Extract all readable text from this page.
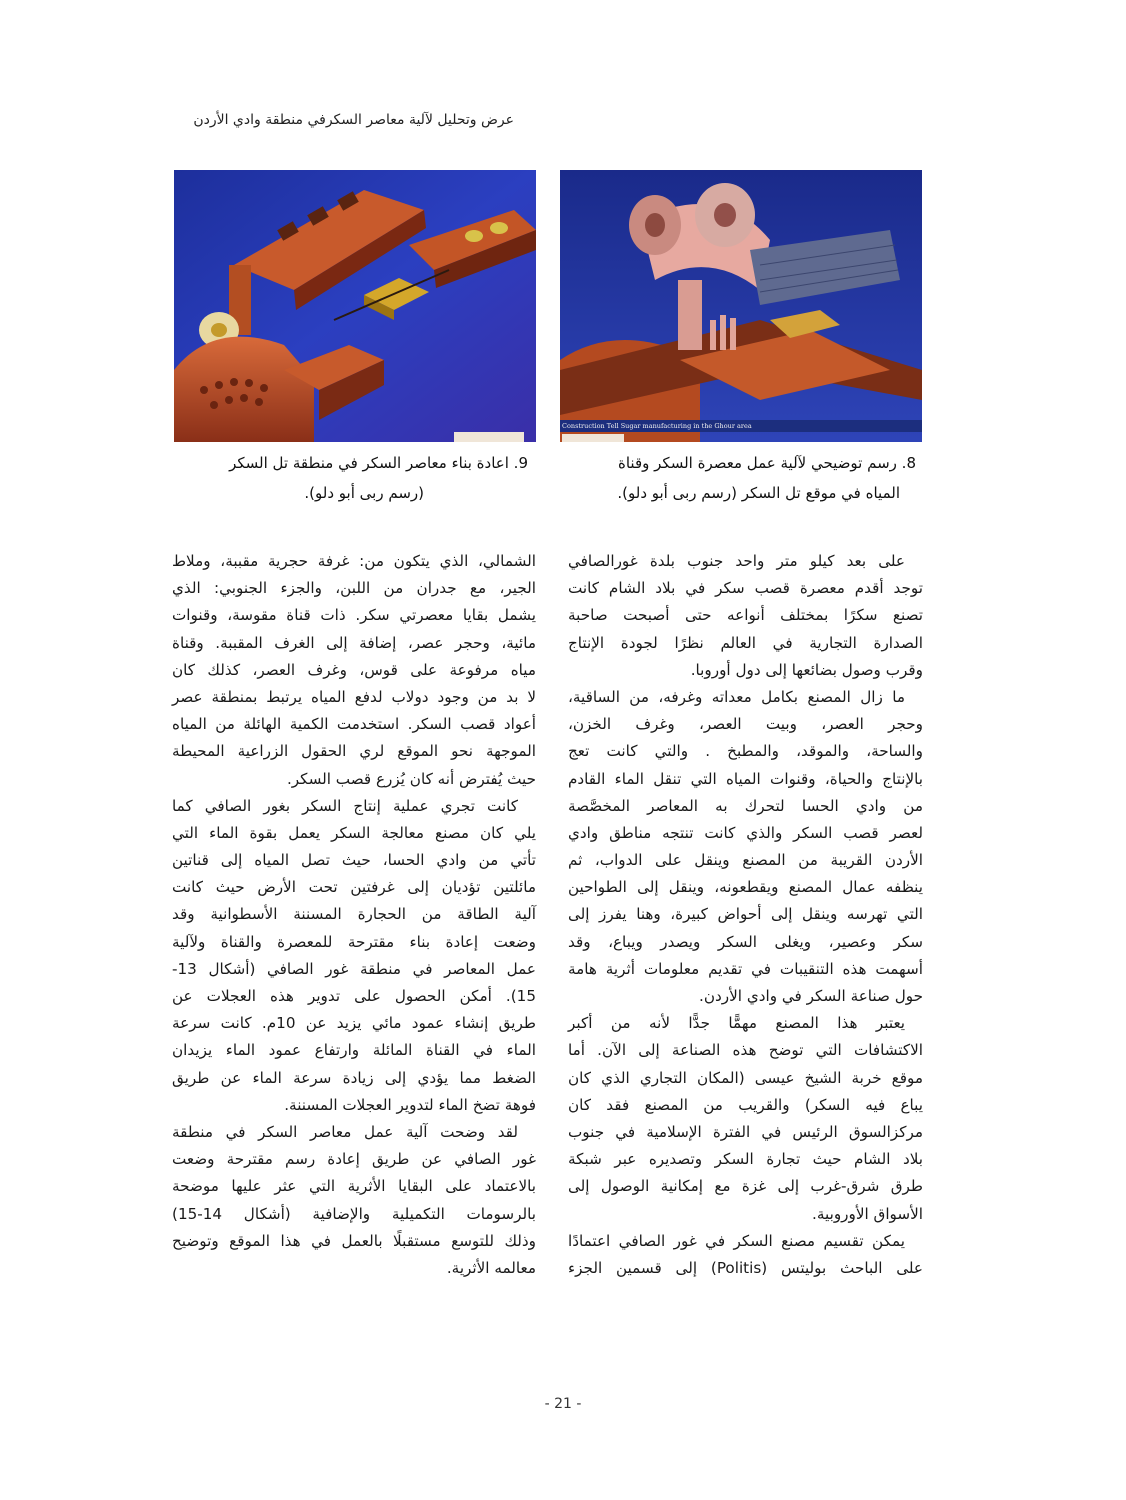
عرض وتحليل لآلية معاصر السكرفي منطقة وادي الأردن
Construction Tell Sugar manufacturing in the Ghour area
9. اعادة بناء معاصر السكر في منطقة تل السكر
(رسم ربى أبو دلو).
8. رسم توضيحي لآلية عمل معصرة السكر وقناة
المياه في موقع تل السكر (رسم ربى أبو دلو).
على بعد كيلو متر واحد جنوب بلدة غورالصافي
توجد أقدم معصرة قصب سكر في بلاد الشام كانت
تصنع سكرًا بمختلف أنواعه حتى أصبحت صاحبة
الصدارة التجارية في العالم نظرًا لجودة الإنتاج
وقرب وصول بضائعها إلى دول أوروبا.
ما زال المصنع بكامل معداته وغرفه، من الساقية،
وحجر العصر، وبيت العصر، وغرف الخزن،
والساحة، والموقد، والمطبخ . والتي كانت تعج
بالإنتاج والحياة، وقنوات المياه التي تنقل الماء القادم
من وادي الحسا لتحرك به المعاصر المخصَّصة
لعصر قصب السكر والذي كانت تنتجه مناطق وادي
الأردن القريبة من المصنع وينقل على الدواب، ثم
ينظفه عمال المصنع ويقطعونه، وينقل إلى الطواحين
التي تهرسه وينقل إلى أحواض كبيرة، وهنا يفرز إلى
سكر وعصير، ويغلى السكر ويصدر ويباع، وقد
أسهمت هذه التنقيبات في تقديم معلومات أثرية هامة
حول صناعة السكر في وادي الأردن.
يعتبر هذا المصنع مهمًّا جدًّا لأنه من أكبر
الاكتشافات التي توضح هذه الصناعة إلى الآن. أما
موقع خربة الشيخ عيسى (المكان التجاري الذي كان
يباع فيه السكر) والقريب من المصنع فقد كان
مركزالسوق الرئيس في الفترة الإسلامية في جنوب
بلاد الشام حيث تجارة السكر وتصديره عبر شبكة
طرق شرق-غرب إلى غزة مع إمكانية الوصول إلى
الأسواق الأوروبية.
يمكن تقسيم مصنع السكر في غور الصافي اعتمادًا
على الباحث بوليتس (Politis) إلى قسمين الجزء
الشمالي، الذي يتكون من: غرفة حجرية مقببة، وملاط
الجير، مع جدران من اللبن، والجزء الجنوبي: الذي
يشمل بقايا معصرتي سكر. ذات قناة مقوسة، وقنوات
مائية، وحجر عصر، إضافة إلى الغرف المقببة. وقناة
مياه مرفوعة على قوس، وغرف العصر، كذلك كان
لا بد من وجود دولاب لدفع المياه يرتبط بمنطقة عصر
أعواد قصب السكر. استخدمت الكمية الهائلة من المياه
الموجهة نحو الموقع لري الحقول الزراعية المحيطة
حيث يُفترض أنه كان يُزرع قصب السكر.
كانت تجري عملية إنتاج السكر بغور الصافي كما
يلي كان مصنع معالجة السكر يعمل بقوة الماء التي
تأتي من وادي الحسا، حيث تصل المياه إلى قناتين
مائلتين تؤديان إلى غرفتين تحت الأرض حيث كانت
آلية الطاقة من الحجارة المسننة الأسطوانية وقد
وضعت إعادة بناء مقترحة للمعصرة والقناة ولآلية
عمل المعاصر في منطقة غور الصافي (أشكال 13-
15). أمكن الحصول على تدوير هذه العجلات عن
طريق إنشاء عمود مائي يزيد عن 10م. كانت سرعة
الماء في القناة المائلة وارتفاع عمود الماء يزيدان
الضغط مما يؤدي إلى زيادة سرعة الماء عن طريق
فوهة تضخ الماء لتدوير العجلات المسننة.
لقد وضحت آلية عمل معاصر السكر في منطقة
غور الصافي عن طريق إعادة رسم مقترحة وضعت
بالاعتماد على البقايا الأثرية التي عثر عليها موضحة
بالرسومات التكميلية والإضافية (أشكال 14-15)
وذلك للتوسع مستقبلًا بالعمل في هذا الموقع وتوضيح
معالمه الأثرية.
- 21 -
